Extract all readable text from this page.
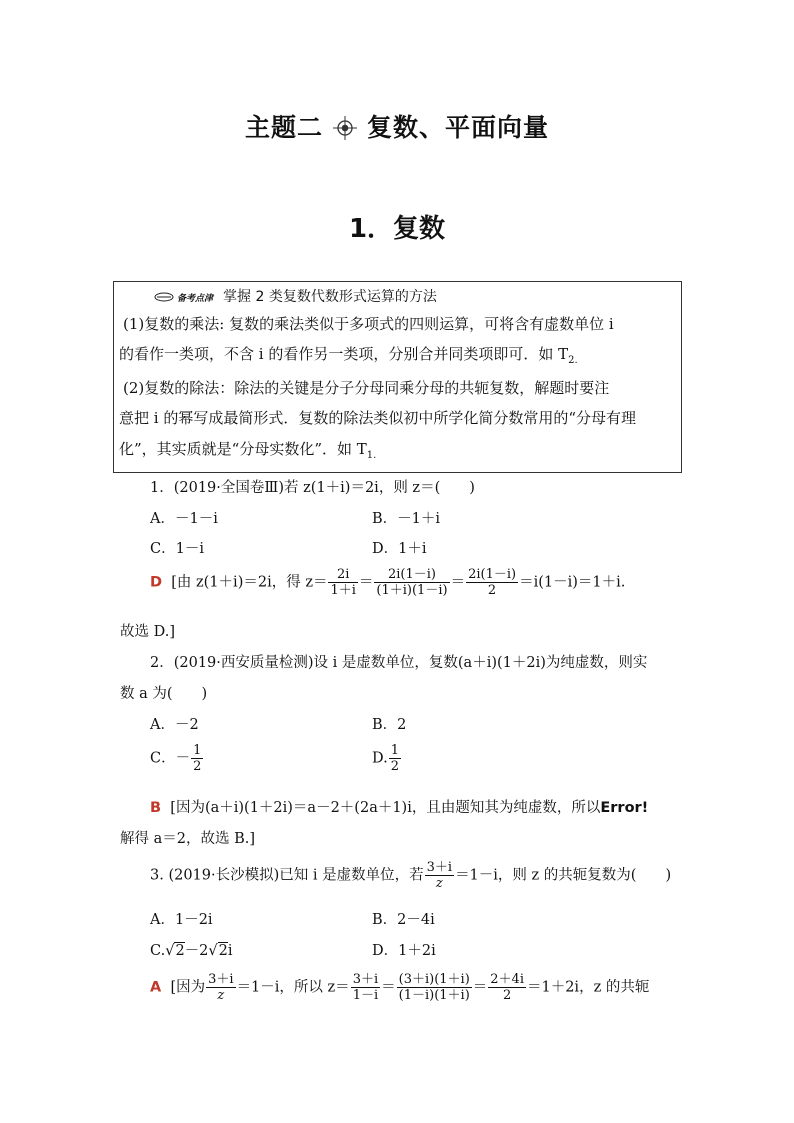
主题二 复数、平面向量
1．复数
备考点津 掌握 2 类复数代数形式运算的方法
(1)复数的乘法: 复数的乘法类似于多项式的四则运算，可将含有虚数单位 i
的看作一类项，不含 i 的看作另一类项，分别合并同类项即可．如 $T_{2.}$
(2)复数的除法：除法的关键是分子分母同乘分母的共轭复数，解题时要注
意把 i 的幂写成最简形式．复数的除法类似初中所学化简分数常用的“分母有理
化”，其实质就是“分母实数化”．如 $T_{1.}$
1．(2019·全国卷Ⅲ)若 z(1＋i)＝2i，则 z＝(　　)
A．－1－i	B．－1＋i
C．1－i	D．1＋i
D [由 z(1＋i)＝2i，得 $z= \frac{2i}{1+i} = \frac{2i(1-i)}{(1+i)(1-i)} = \frac{2i(1-i)}{2} =i(1-i)=1+i$.
故选 D.]
2．(2019·西安质量检测)设 i 是虚数单位，复数(a＋i)(1＋2i)为纯虚数，则实
数 a 为(　　)
A．－2	B．2
C．－ $\frac{1}{2}$	D. $\frac{1}{2}$
B [因为(a＋i)(1＋2i)＝a－2＋(2a＋1)i，且由题知其为纯虚数，所以Error!
解得 a＝2，故选 B.]
3. (2019·长沙模拟)已知 i 是虚数单位，若 $\frac{3+i}{z} =1-i$，则 z 的共轭复数为(　　)
A．1－2i	B．2－4i
C.√2－2√2i	D．1＋2i
A [因为 $\frac{3+i}{z} =1-i$，所以 $z= \frac{3+i}{1-i} = \frac{(3+i)(1+i)}{(1-i)(1+i)} = \frac{2+4i}{2} =1+2i$，z 的共轭
